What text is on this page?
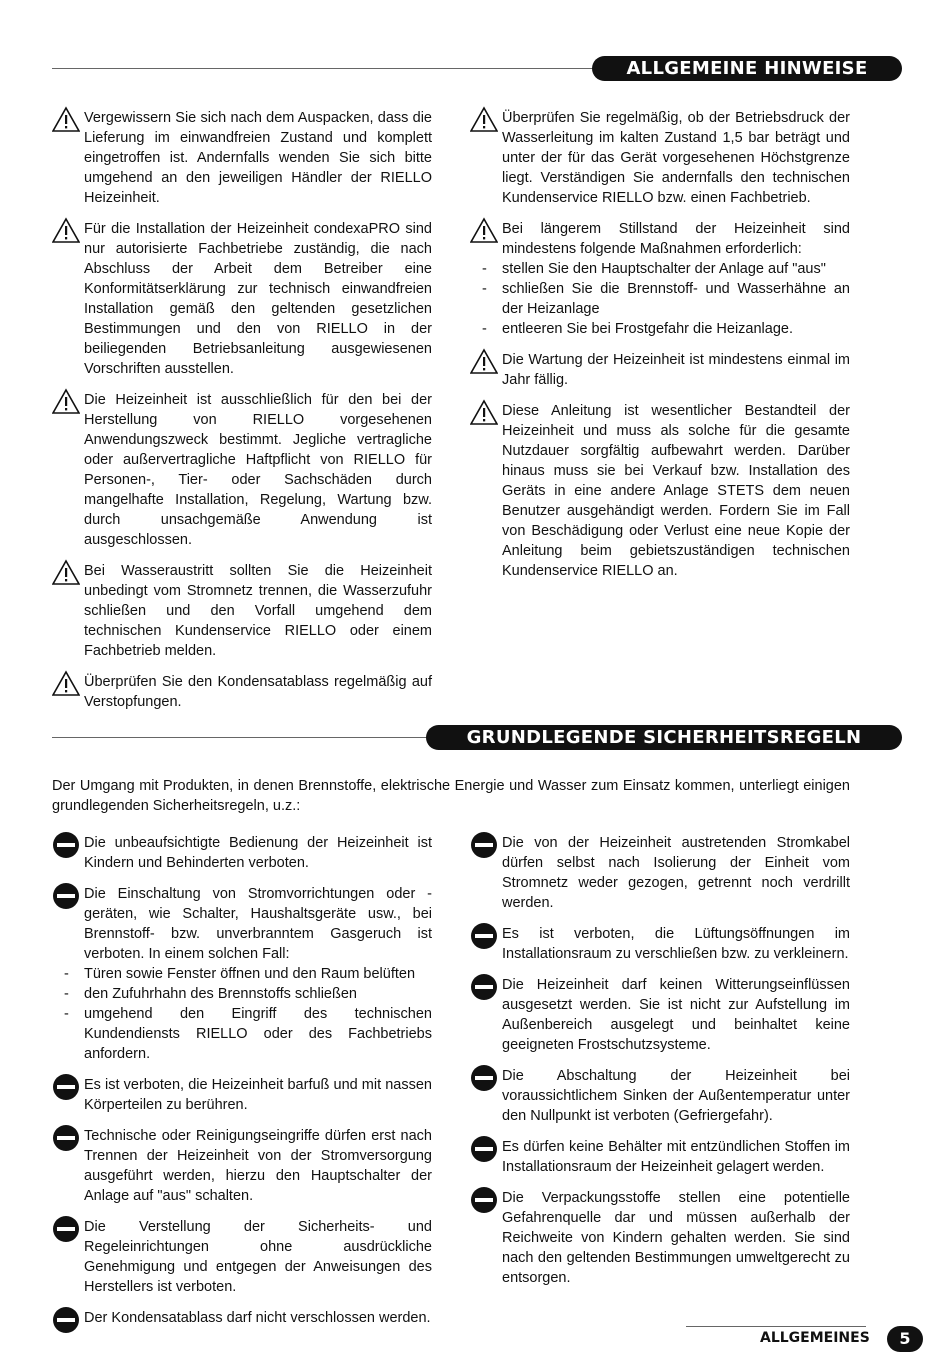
ALLGEMEINE HINWEISE
Vergewissern Sie sich nach dem Auspacken, dass die Lieferung im einwandfreien Zustand und komplett eingetroffen ist. Andernfalls wenden Sie sich bitte umgehend an den jeweiligen Händler der RIELLO Heizeinheit.
Für die Installation der Heizeinheit condexaPRO sind nur autorisierte Fachbetriebe zuständig, die nach Abschluss der Arbeit dem Betreiber eine Konformitätserklärung zur technisch einwandfreien Installation gemäß den geltenden gesetzlichen Bestimmungen und den von RIELLO in der beiliegenden Betriebsanleitung ausgewiesenen Vorschriften ausstellen.
Die Heizeinheit ist ausschließlich für den bei der Herstellung von RIELLO vorgesehenen Anwendungszweck bestimmt. Jegliche vertragliche oder außervertragliche Haftpflicht von RIELLO für Personen-, Tier- oder Sachschäden durch mangelhafte Installation, Regelung, Wartung bzw. durch unsachgemäße Anwendung ist ausgeschlossen.
Bei Wasseraustritt sollten Sie die Heizeinheit unbedingt vom Stromnetz trennen, die Wasserzufuhr schließen und den Vorfall umgehend dem technischen Kundenservice RIELLO oder einem Fachbetrieb melden.
Überprüfen Sie den Kondensatablass regelmäßig auf Verstopfungen.
Überprüfen Sie regelmäßig, ob der Betriebsdruck der Wasserleitung im kalten Zustand 1,5 bar beträgt und unter der für das Gerät vorgesehenen Höchstgrenze liegt. Verständigen Sie andernfalls den technischen Kundenservice RIELLO bzw. einen Fachbetrieb.
Bei längerem Stillstand der Heizeinheit sind mindestens folgende Maßnahmen erforderlich:
- stellen Sie den Hauptschalter der Anlage auf "aus"
- schließen Sie die Brennstoff- und Wasserhähne an der Heizanlage
- entleeren Sie bei Frostgefahr die Heizanlage.
Die Wartung der Heizeinheit ist mindestens einmal im Jahr fällig.
Diese Anleitung ist wesentlicher Bestandteil der Heizeinheit und muss als solche für die gesamte Nutzdauer sorgfältig aufbewahrt werden. Darüber hinaus muss sie bei Verkauf bzw. Installation des Geräts in eine andere Anlage STETS dem neuen Benutzer ausgehändigt werden. Fordern Sie im Fall von Beschädigung oder Verlust eine neue Kopie der Anleitung beim gebietszuständigen technischen Kundenservice RIELLO an.
GRUNDLEGENDE SICHERHEITSREGELN
Der Umgang mit Produkten, in denen Brennstoffe, elektrische Energie und Wasser zum Einsatz kommen, unterliegt einigen grundlegenden Sicherheitsregeln, u.z.:
Die unbeaufsichtigte Bedienung der Heizeinheit ist Kindern und Behinderten verboten.
Die Einschaltung von Stromvorrichtungen oder -geräten, wie Schalter, Haushaltsgeräte usw., bei Brennstoff- bzw. unverbranntem Gasgeruch ist verboten. In einem solchen Fall:
- Türen sowie Fenster öffnen und den Raum belüften
- den Zufuhrhahn des Brennstoffs schließen
- umgehend den Eingriff des technischen Kundendiensts RIELLO oder des Fachbetriebs anfordern.
Es ist verboten, die Heizeinheit barfuß und mit nassen Körperteilen zu berühren.
Technische oder Reinigungseingriffe dürfen erst nach Trennen der Heizeinheit von der Stromversorgung ausgeführt werden, hierzu den Hauptschalter der Anlage auf "aus" schalten.
Die Verstellung der Sicherheits- und Regeleinrichtungen ohne ausdrückliche Genehmigung und entgegen der Anweisungen des Herstellers ist verboten.
Der Kondensatablass darf nicht verschlossen werden.
Die von der Heizeinheit austretenden Stromkabel dürfen selbst nach Isolierung der Einheit vom Stromnetz weder gezogen, getrennt noch verdrillt werden.
Es ist verboten, die Lüftungsöffnungen im Installationsraum zu verschließen bzw. zu verkleinern.
Die Heizeinheit darf keinen Witterungseinflüssen ausgesetzt werden. Sie ist nicht zur Aufstellung im Außenbereich ausgelegt und beinhaltet keine geeigneten Frostschutzsysteme.
Die Abschaltung der Heizeinheit bei voraussichtlichem Sinken der Außentemperatur unter den Nullpunkt ist verboten (Gefriergefahr).
Es dürfen keine Behälter mit entzündlichen Stoffen im Installationsraum der Heizeinheit gelagert werden.
Die Verpackungsstoffe stellen eine potentielle Gefahrenquelle dar und müssen außerhalb der Reichweite von Kindern gehalten werden. Sie sind nach den geltenden Bestimmungen umweltgerecht zu entsorgen.
ALLGEMEINES	5
